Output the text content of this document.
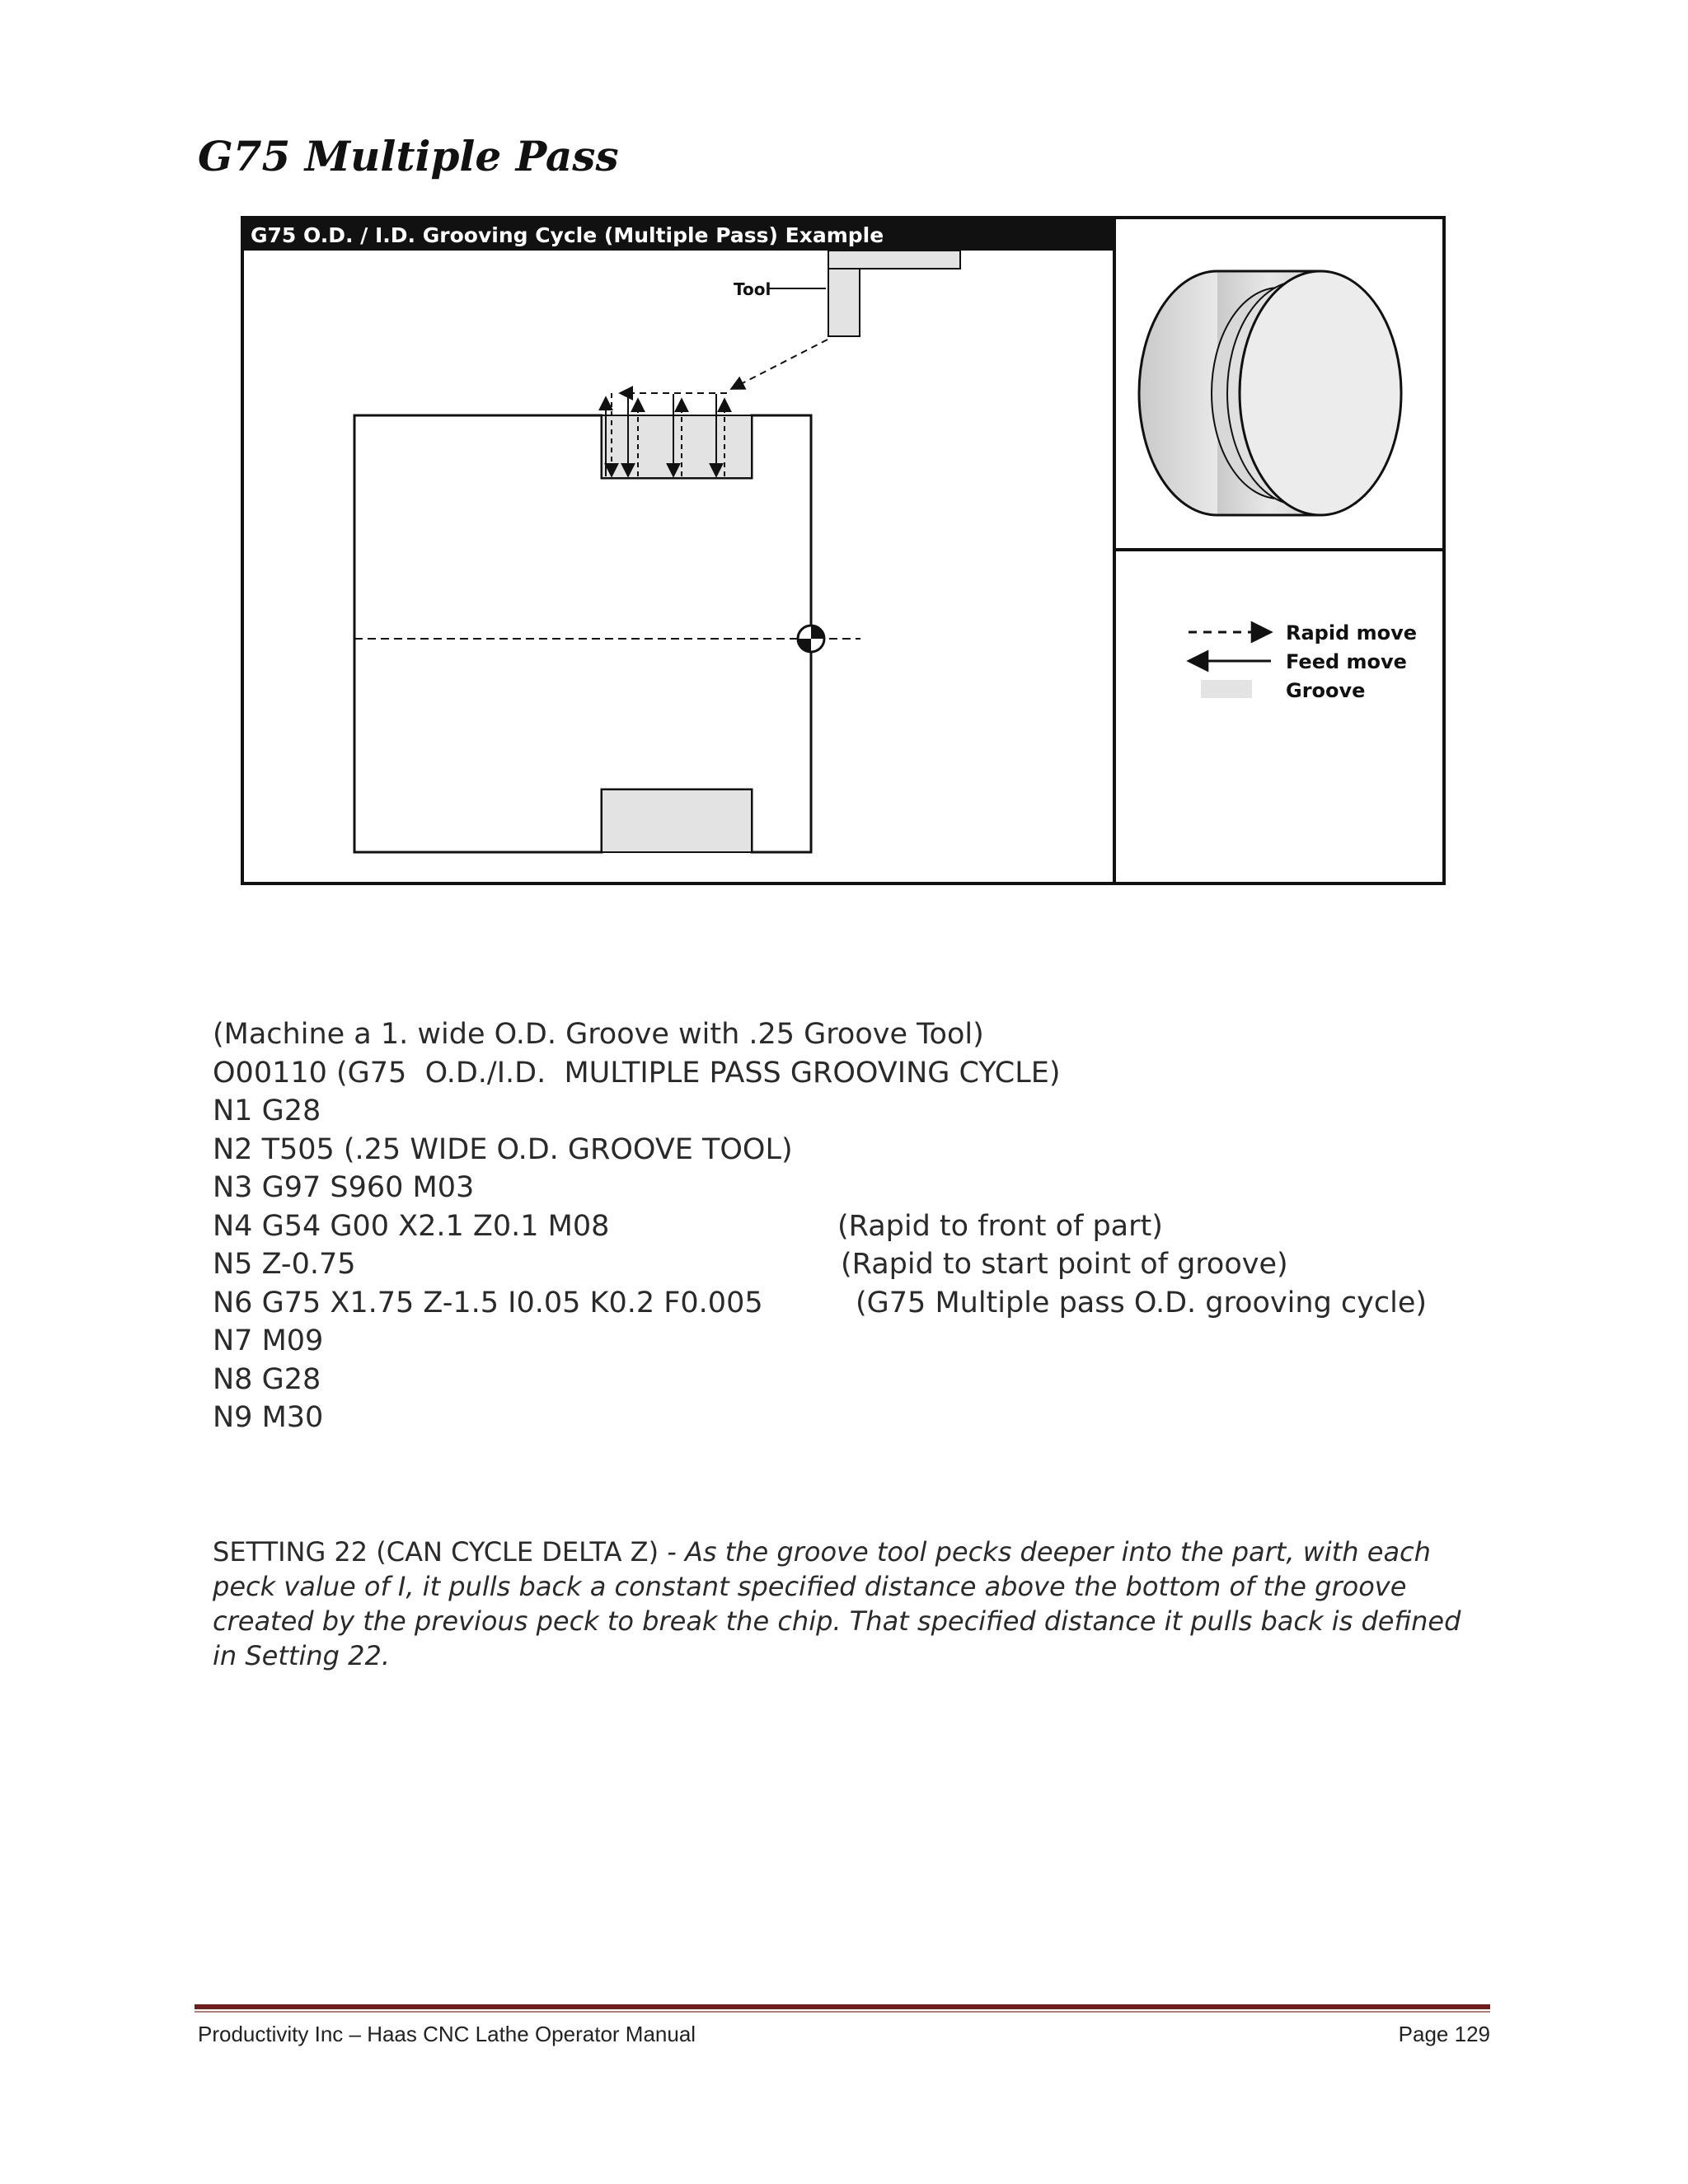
G75 Multiple Pass
G75 O.D. / I.D. Grooving Cycle (Multiple Pass) Example
Tool
Rapid move
Feed move
Groove
(Machine a 1. wide O.D. Groove with .25 Groove Tool)
O00110 (G75  O.D./I.D.  MULTIPLE PASS GROOVING CYCLE)
N1 G28
N2 T505 (.25 WIDE O.D. GROOVE TOOL)
N3 G97 S960 M03
N4 G54 G00 X2.1 Z0.1 M08	(Rapid to front of part)
N5 Z-0.75	(Rapid to start point of groove)
N6 G75 X1.75 Z-1.5 I0.05 K0.2 F0.005	(G75 Multiple pass O.D. grooving cycle)
N7 M09
N8 G28
N9 M30

SETTING 22 (CAN CYCLE DELTA Z) - As the groove tool pecks deeper into the part, with each peck value of I, it pulls back a constant specified distance above the bottom of the groove created by the previous peck to break the chip. That specified distance it pulls back is defined in Setting 22.

Productivity Inc – Haas CNC Lathe Operator Manual	Page 129
